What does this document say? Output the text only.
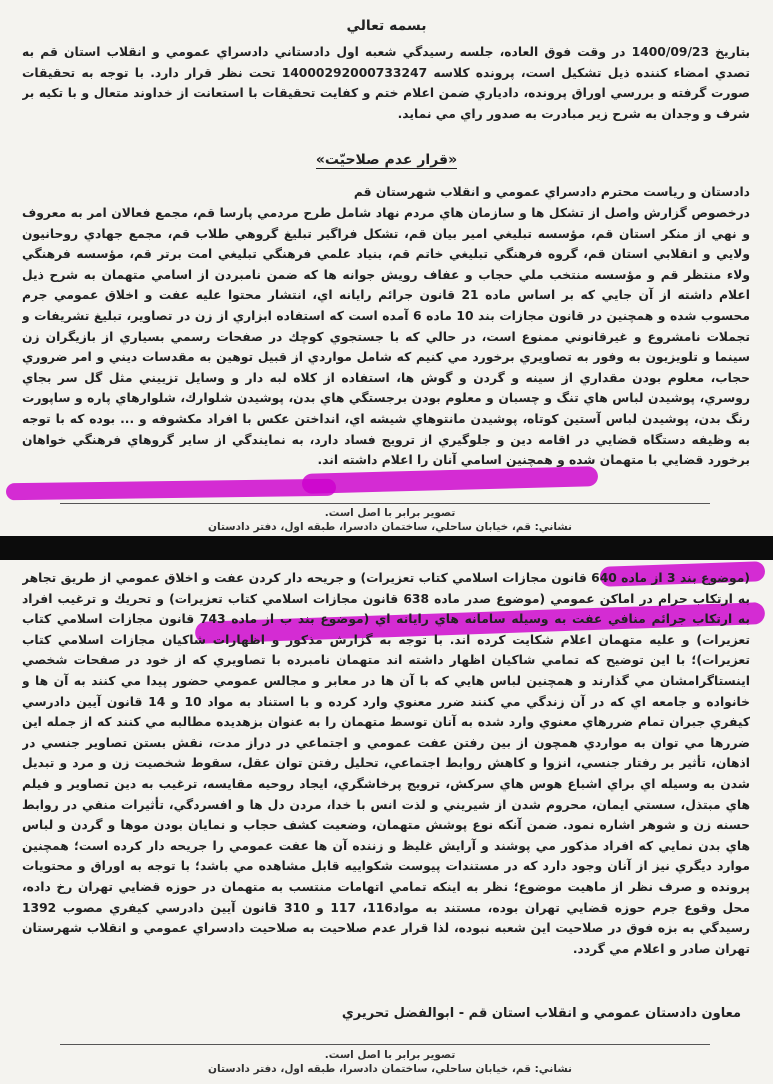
بسمه تعالي
بتاريخ 1400/09/23 در وقت فوق العاده، جلسه رسيدگي شعبه اول دادستاني دادسراي عمومي و انقلاب استان قم به تصدي امضاء كننده ذيل تشكيل است، پرونده كلاسه 14000292000733247 تحت نظر قرار دارد. با توجه به تحقيقات صورت گرفته و بررسي اوراق پرونده، دادياري ضمن اعلام ختم و كفايت تحقيقات با استعانت از خداوند متعال و با تكيه بر شرف و وجدان به شرح زير مبادرت به صدور راي مي نمايد.
«قرار عدم صلاحيّت»
دادستان و رياست محترم دادسراي عمومي و انقلاب شهرستان قم
درخصوص گزارش واصل از تشكل ها و سازمان هاي مردم نهاد شامل طرح مردمي پارسا قم، مجمع فعالان امر به معروف و نهي از منكر استان قم، مؤسسه تبليغي امير بيان قم، تشكل فراگير تبليغ گروهي طلاب قم، مجمع جهادي روحانيون ولايي و انقلابي استان قم، گروه فرهنگي تبليغي خاتم قم، بنياد علمي فرهنگي تبليغي امت برتر قم، مؤسسه فرهنگي ولاء منتظر قم و مؤسسه منتخب ملي حجاب و عفاف رويش جوانه ها كه ضمن نامبردن از اسامي متهمان به شرح ذيل اعلام داشته از آن جايي كه بر اساس ماده 21 قانون جرائم رايانه اي، انتشار محتوا عليه عفت و اخلاق عمومي جرم محسوب شده و همچنين در قانون مجازات بند 10 ماده 6 آمده است كه استفاده ابزاري از زن در تصاوير، تبليغ تشريفات و تجملات نامشروع و غيرقانوني ممنوع است، در حالي كه با جستجوي كوچك در صفحات رسمي بسياري از بازيگران زن سينما و تلويزيون به وفور به تصاويري برخورد مي كنيم كه شامل مواردي از قبيل توهين به مقدسات ديني و امر ضروري حجاب، معلوم بودن مقداري از سينه و گردن و گوش ها، استفاده از كلاه لبه دار و وسايل تزييني مثل گل سر بجاي روسري، پوشيدن لباس هاي تنگ و چسبان و معلوم بودن برجستگي هاي بدن، پوشيدن شلوارك، شلوارهاي پاره و ساپورت رنگ بدن، پوشيدن لباس آستين كوتاه، پوشيدن مانتوهاي شيشه اي، انداختن عكس با افراد مكشوفه و ... بوده كه با توجه به وظيفه دستگاه قضايي در اقامه دين و جلوگيري از ترويج فساد دارد، به نمايندگي از ساير گروهاي فرهنگي خواهان برخورد قضايي با متهمان شده و همچنين اسامي آنان را اعلام داشته اند.
تصوير برابر با اصل است.
نشاني: قم، خيابان ساحلي، ساختمان دادسرا، طبقه اول، دفتر دادستان
(موضوع بند 3 از ماده 640 قانون مجازات اسلامي كتاب تعزيرات) و جريحه دار كردن عفت و اخلاق عمومي از طريق تجاهر به ارتكاب حرام در اماكن عمومي (موضوع صدر ماده 638 قانون مجازات اسلامي كتاب تعزيرات) و تحريك و ترغيب افراد به ارتكاب جرائم منافي عفت به وسيله سامانه هاي رايانه اي (موضوع بند ب از ماده 743 قانون مجازات اسلامي كتاب تعزيرات) و عليه متهمان اعلام شكايت كرده اند. با توجه به گزارش مذكور و اظهارات شاكيان مجازات اسلامي كتاب تعزيرات)؛ با اين توضيح كه تمامي شاكيان اظهار داشته اند متهمان نامبرده با تصاويري كه از خود در صفحات شخصي اينستاگرامشان مي گذارند و همچنين لباس هايي كه با آن ها در معابر و مجالس عمومي حضور پيدا مي كنند به آن ها و خانواده و جامعه اي كه در آن زندگي مي كنند ضرر معنوي وارد كرده و با استناد به مواد 10 و 14 قانون آيين دادرسي كيفري جبران تمام ضررهاي معنوي وارد شده به آنان توسط متهمان را به عنوان بزهديده مطالبه مي كنند كه از جمله اين ضررها مي توان به مواردي همچون از بين رفتن عفت عمومي و اجتماعي در دراز مدت، نقش بستن تصاوير جنسي در اذهان، تأثير بر رفتار جنسي، انزوا و كاهش روابط اجتماعي، تحليل رفتن توان عقل، سقوط شخصيت زن و مرد و تبديل شدن به وسيله اي براي اشباع هوس هاي سركش، ترويج پرخاشگري، ايجاد روحيه مقايسه، ترغيب به دين تصاوير و فيلم هاي مبتذل، سستي ايمان، محروم شدن از شيريني و لذت انس با خدا، مردن دل ها و افسردگي، تأثيرات منفي در روابط حسنه زن و شوهر اشاره نمود. ضمن آنكه نوع پوشش متهمان، وضعيت كشف حجاب و نمايان بودن موها و گردن و لباس هاي بدن نمايي كه افراد مذكور مي پوشند و آرايش غليظ و زننده آن ها عفت عمومي را جريحه دار كرده است؛ همچنين موارد ديگري نيز از آنان وجود دارد كه در مستندات پيوست شكواييه قابل مشاهده مي باشد؛ با توجه به اوراق و محتويات پرونده و صرف نظر از ماهيت موضوع؛ نظر به اينكه تمامي اتهامات منتسب به متهمان در حوزه قضايي تهران رخ داده، محل وقوع جرم حوزه قضايي تهران بوده، مستند به مواد116، 117 و 310 قانون آيين دادرسي كيفري مصوب 1392 رسيدگي به بزه فوق در صلاحيت اين شعبه نبوده، لذا قرار عدم صلاحيت به صلاحيت دادسراي عمومي و انقلاب شهرستان تهران صادر و اعلام مي گردد.
معاون دادستان عمومي و انقلاب استان قم - ابوالفضل تحريري
تصوير برابر با اصل است.
نشاني: قم، خيابان ساحلي، ساختمان دادسرا، طبقه اول، دفتر دادستان
